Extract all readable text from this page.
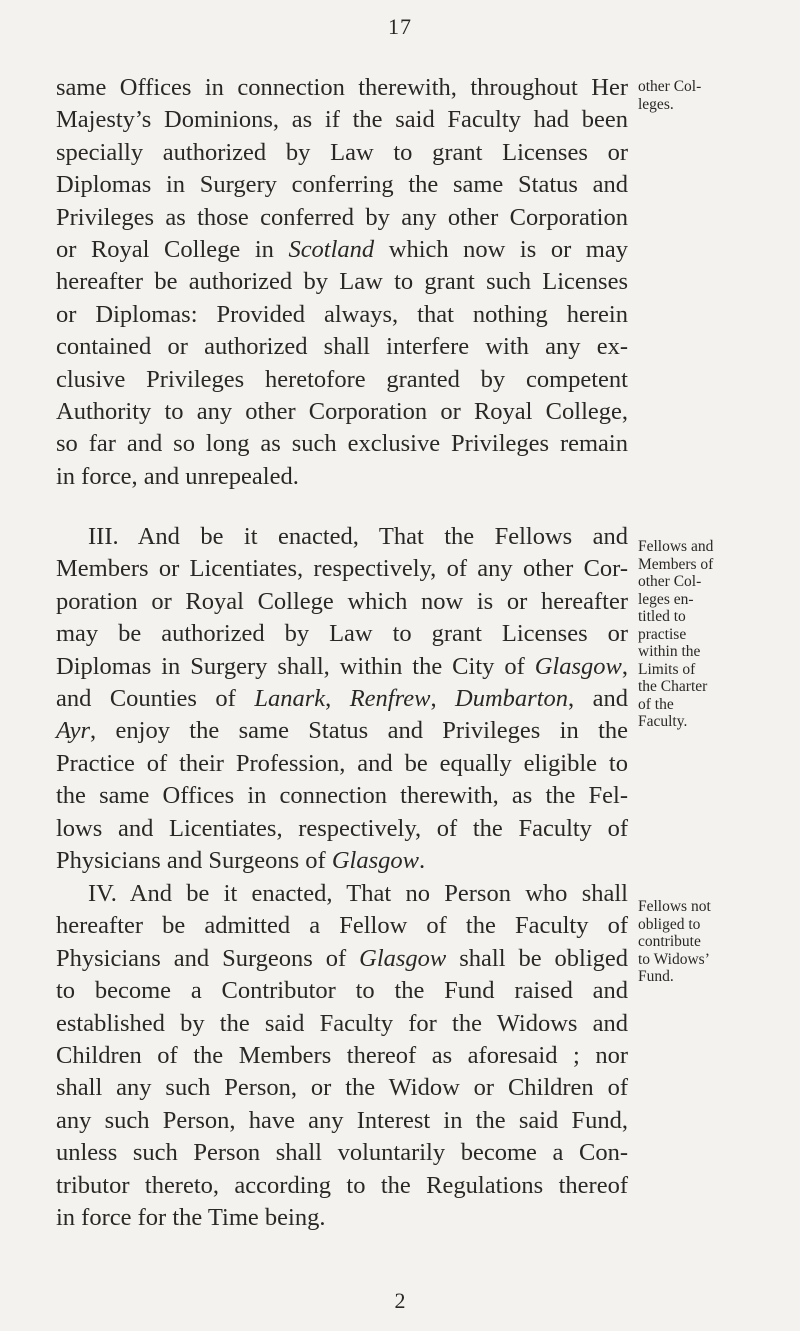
17
same Offices in connection therewith, throughout Her
Majesty’s Dominions, as if the said Faculty had been
specially authorized by Law to grant Licenses or
Diplomas in Surgery conferring the same Status and
Privileges as those conferred by any other Corporation
or Royal College in Scotland which now is or may
hereafter be authorized by Law to grant such Licenses
or Diplomas: Provided always, that nothing herein
contained or authorized shall interfere with any ex-
clusive Privileges heretofore granted by competent
Authority to any other Corporation or Royal College,
so far and so long as such exclusive Privileges remain
in force, and unrepealed.
other Col-
leges.
III. And be it enacted, That the Fellows and
Members or Licentiates, respectively, of any other Cor-
poration or Royal College which now is or hereafter
may be authorized by Law to grant Licenses or
Diplomas in Surgery shall, within the City of Glasgow,
and Counties of Lanark, Renfrew, Dumbarton, and
Ayr, enjoy the same Status and Privileges in the
Practice of their Profession, and be equally eligible to
the same Offices in connection therewith, as the Fel-
lows and Licentiates, respectively, of the Faculty of
Physicians and Surgeons of Glasgow.
Fellows and
Members of
other Col-
leges en-
titled to
practise
within the
Limits of
the Charter
of the
Faculty.
IV. And be it enacted, That no Person who shall
hereafter be admitted a Fellow of the Faculty of
Physicians and Surgeons of Glasgow shall be obliged
to become a Contributor to the Fund raised and
established by the said Faculty for the Widows and
Children of the Members thereof as aforesaid ; nor
shall any such Person, or the Widow or Children of
any such Person, have any Interest in the said Fund,
unless such Person shall voluntarily become a Con-
tributor thereto, according to the Regulations thereof
in force for the Time being.
Fellows not
obliged to
contribute
to Widows’
Fund.
2
